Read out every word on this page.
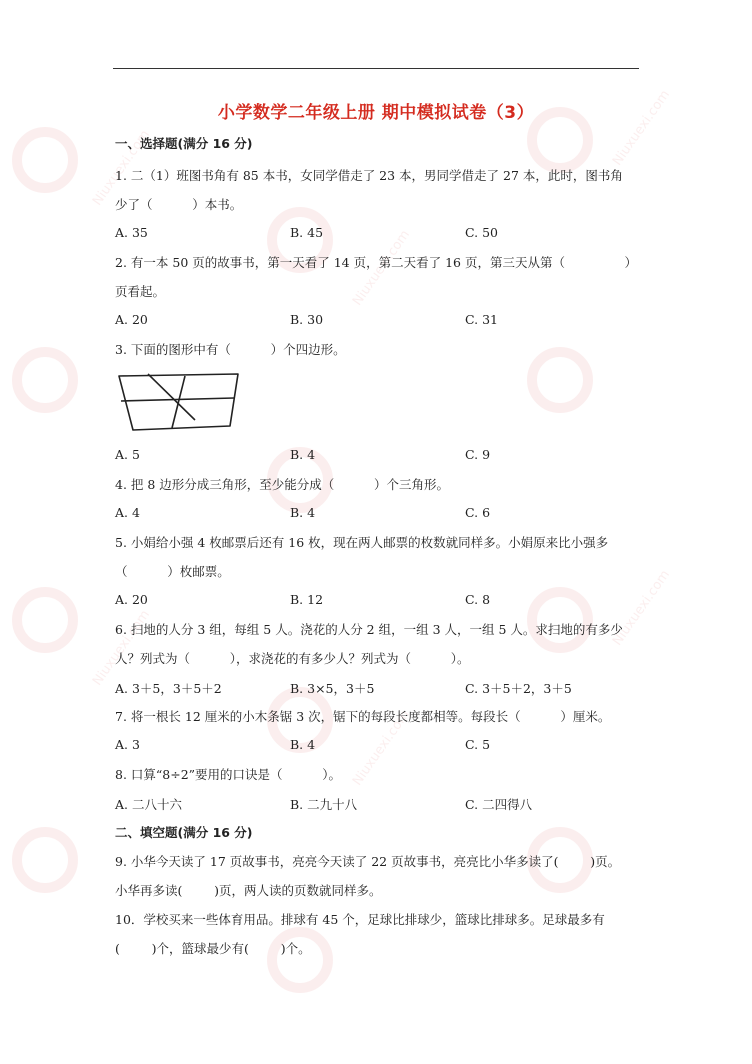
Niuxuexi.com
Niuxuexi.com
Niuxuexi.com
Niuxuexi.com
Niuxuexi.com
Niuxuexi.com
小学数学二年级上册 期中模拟试卷（3）
一、选择题(满分 16 分)
1. 二（1）班图书角有 85 本书，女同学借走了 23 本，男同学借走了 27 本，此时，图书角
少了（          ）本书。
A. 35	B. 45	C. 50
2. 有一本 50 页的故事书，第一天看了 14 页，第二天看了 16 页，第三天从第（               ）
页看起。
A. 20	B. 30	C. 31
3. 下面的图形中有（          ）个四边形。
A. 5	B. 4	C. 9
4. 把 8 边形分成三角形，至少能分成（          ）个三角形。
A. 4	B. 4	C. 6
5. 小娟给小强 4 枚邮票后还有 16 枚，现在两人邮票的枚数就同样多。小娟原来比小强多
（          ）枚邮票。
A. 20	B. 12	C. 8
6. 扫地的人分 3 组，每组 5 人。浇花的人分 2 组，一组 3 人，一组 5 人。求扫地的有多少
人？列式为（          ），求浇花的有多少人？列式为（          ）。
A. 3＋5，3＋5＋2	B. 3×5，3＋5	C. 3＋5＋2，3＋5
7. 将一根长 12 厘米的小木条锯 3 次，锯下的每段长度都相等。每段长（          ）厘米。
A. 3	B. 4	C. 5
8. 口算“8÷2”要用的口诀是（          ）。
A. 二八十六	B. 二九十八	C. 二四得八
二、填空题(满分 16 分)
9. 小华今天读了 17 页故事书，亮亮今天读了 22 页故事书，亮亮比小华多读了(        )页。
小华再多读(        )页，两人读的页数就同样多。
10．学校买来一些体育用品。排球有 45 个，足球比排球少，篮球比排球多。足球最多有
(        )个，篮球最少有(        )个。
